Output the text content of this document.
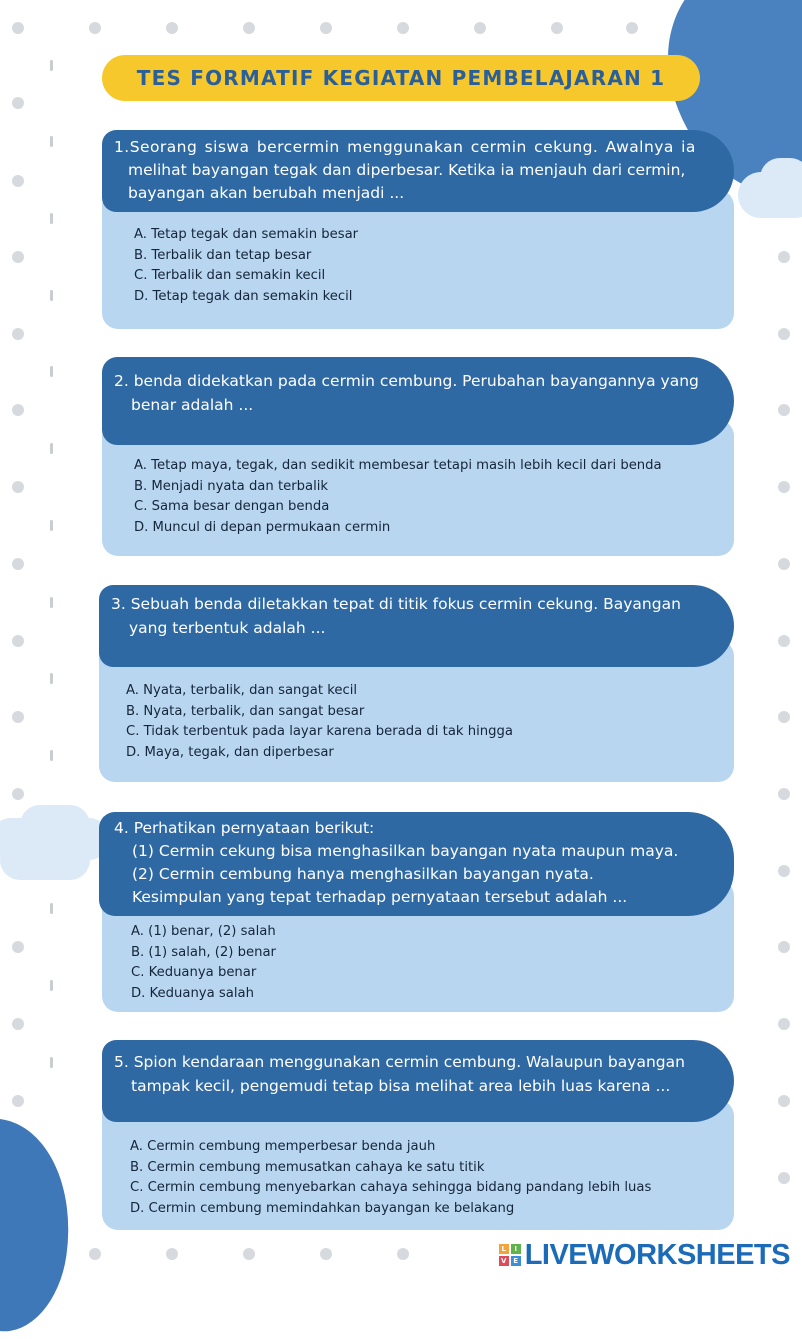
TES FORMATIF KEGIATAN PEMBELAJARAN 1
1.Seorang siswa bercermin menggunakan cermin cekung. Awalnya ia
melihat bayangan tegak dan diperbesar. Ketika ia menjauh dari cermin,
bayangan akan berubah menjadi ...
A. Tetap tegak dan semakin besar
B. Terbalik dan tetap besar
C. Terbalik dan semakin kecil
D. Tetap tegak dan semakin kecil
2. benda didekatkan pada cermin cembung. Perubahan bayangannya yang
benar adalah ...
A. Tetap maya, tegak, dan sedikit membesar tetapi masih lebih kecil dari benda
B. Menjadi nyata dan terbalik
C. Sama besar dengan benda
D. Muncul di depan permukaan cermin
3. Sebuah benda diletakkan tepat di titik fokus cermin cekung. Bayangan
yang terbentuk adalah ...
A. Nyata, terbalik, dan sangat kecil
B. Nyata, terbalik, dan sangat besar
C. Tidak terbentuk pada layar karena berada di tak hingga
D. Maya, tegak, dan diperbesar
4. Perhatikan pernyataan berikut:
(1) Cermin cekung bisa menghasilkan bayangan nyata maupun maya.
(2) Cermin cembung hanya menghasilkan bayangan nyata.
Kesimpulan yang tepat terhadap pernyataan tersebut adalah ...
A. (1) benar, (2) salah
B. (1) salah, (2) benar
C. Keduanya benar
D. Keduanya salah
5. Spion kendaraan menggunakan cermin cembung. Walaupun bayangan
tampak kecil, pengemudi tetap bisa melihat area lebih luas karena ...
A. Cermin cembung memperbesar benda jauh
B. Cermin cembung memusatkan cahaya ke satu titik
C. Cermin cembung menyebarkan cahaya sehingga bidang pandang lebih luas
D. Cermin cembung memindahkan bayangan ke belakang
L	I
V E LIVEWORKSHEETS
